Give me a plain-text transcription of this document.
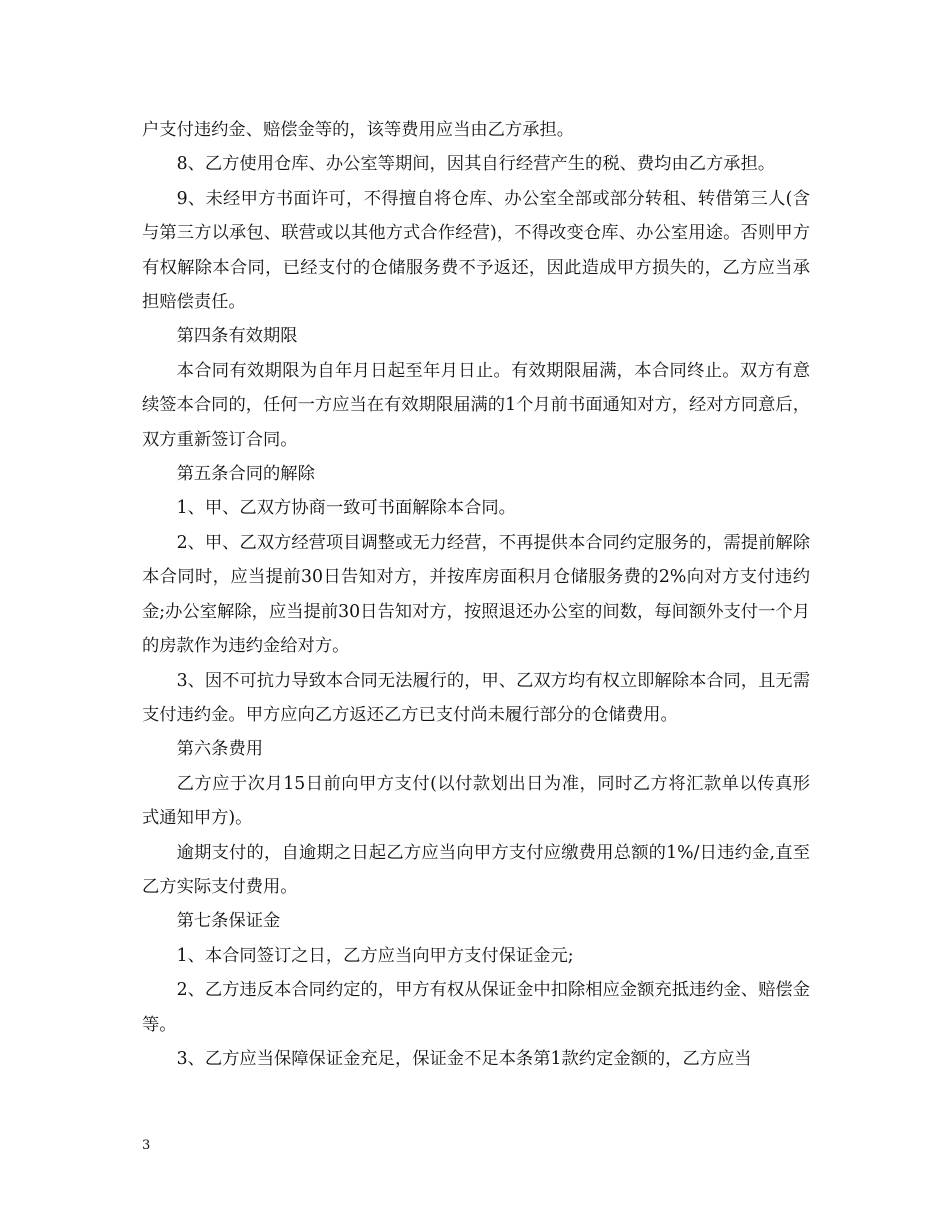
户支付违约金、赔偿金等的，该等费用应当由乙方承担。

8、乙方使用仓库、办公室等期间，因其自行经营产生的税、费均由乙方承担。

9、未经甲方书面许可，不得擅自将仓库、办公室全部或部分转租、转借第三人(含与第三方以承包、联营或以其他方式合作经营)，不得改变仓库、办公室用途。否则甲方有权解除本合同，已经支付的仓储服务费不予返还，因此造成甲方损失的，乙方应当承担赔偿责任。

第四条有效期限

本合同有效期限为自年月日起至年月日止。有效期限届满，本合同终止。双方有意续签本合同的，任何一方应当在有效期限届满的1个月前书面通知对方，经对方同意后，双方重新签订合同。

第五条合同的解除

1、甲、乙双方协商一致可书面解除本合同。

2、甲、乙双方经营项目调整或无力经营，不再提供本合同约定服务的，需提前解除本合同时，应当提前30日告知对方，并按库房面积月仓储服务费的2%向对方支付违约金;办公室解除，应当提前30日告知对方，按照退还办公室的间数，每间额外支付一个月的房款作为违约金给对方。

3、因不可抗力导致本合同无法履行的，甲、乙双方均有权立即解除本合同，且无需支付违约金。甲方应向乙方返还乙方已支付尚未履行部分的仓储费用。

第六条费用

乙方应于次月15日前向甲方支付(以付款划出日为准，同时乙方将汇款单以传真形式通知甲方)。

逾期支付的，自逾期之日起乙方应当向甲方支付应缴费用总额的1%/日违约金,直至乙方实际支付费用。

第七条保证金

1、本合同签订之日，乙方应当向甲方支付保证金元;

2、乙方违反本合同约定的，甲方有权从保证金中扣除相应金额充抵违约金、赔偿金等。

3、乙方应当保障保证金充足，保证金不足本条第1款约定金额的，乙方应当

3
